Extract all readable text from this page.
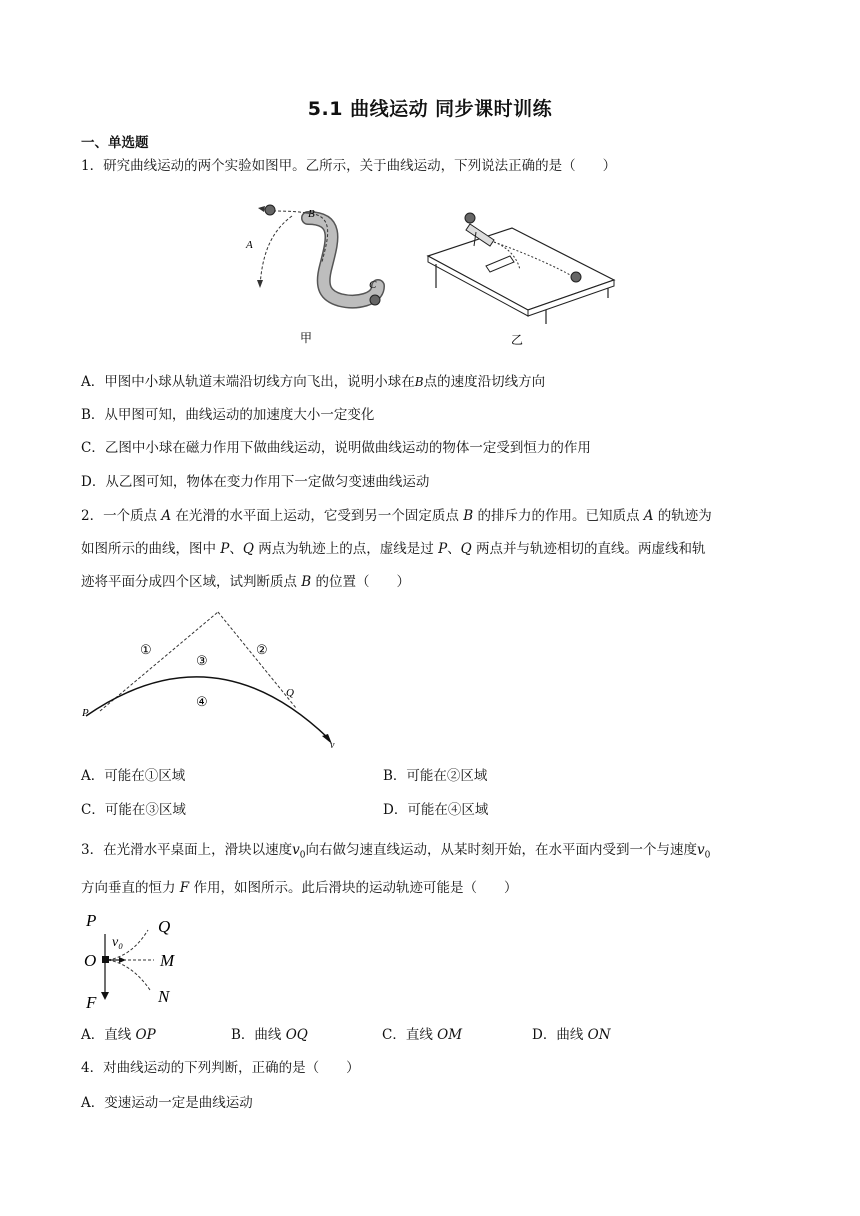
5.1 曲线运动 同步课时训练
一、单选题
1．研究曲线运动的两个实验如图甲。乙所示，关于曲线运动，下列说法正确的是（　　）
B
A
C
甲	乙
A．甲图中小球从轨道末端沿切线方向飞出，说明小球在B点的速度沿切线方向
B．从甲图可知，曲线运动的加速度大小一定变化
C．乙图中小球在磁力作用下做曲线运动，说明做曲线运动的物体一定受到恒力的作用
D．从乙图可知，物体在变力作用下一定做匀变速曲线运动
2．一个质点 A 在光滑的水平面上运动，它受到另一个固定质点 B 的排斥力的作用。已知质点 A 的轨迹为
如图所示的曲线，图中 P、Q 两点为轨迹上的点，虚线是过 P、Q 两点并与轨迹相切的直线。两虚线和轨
迹将平面分成四个区域，试判断质点 B 的位置（　　）
①	②
③
④
P
Q
v
A．可能在①区域	B．可能在②区域
C．可能在③区域	D．可能在④区域
3．在光滑水平桌面上，滑块以速度$v_0$向右做匀速直线运动，从某时刻开始，在水平面内受到一个与速度$v_0$
方向垂直的恒力 F 作用，如图所示。此后滑块的运动轨迹可能是（　　）
P	Q
O	M
N
F
v₀
A．直线 OP	B．曲线 OQ	C．直线 OM	D．曲线 ON
4．对曲线运动的下列判断，正确的是（　　）
A．变速运动一定是曲线运动
